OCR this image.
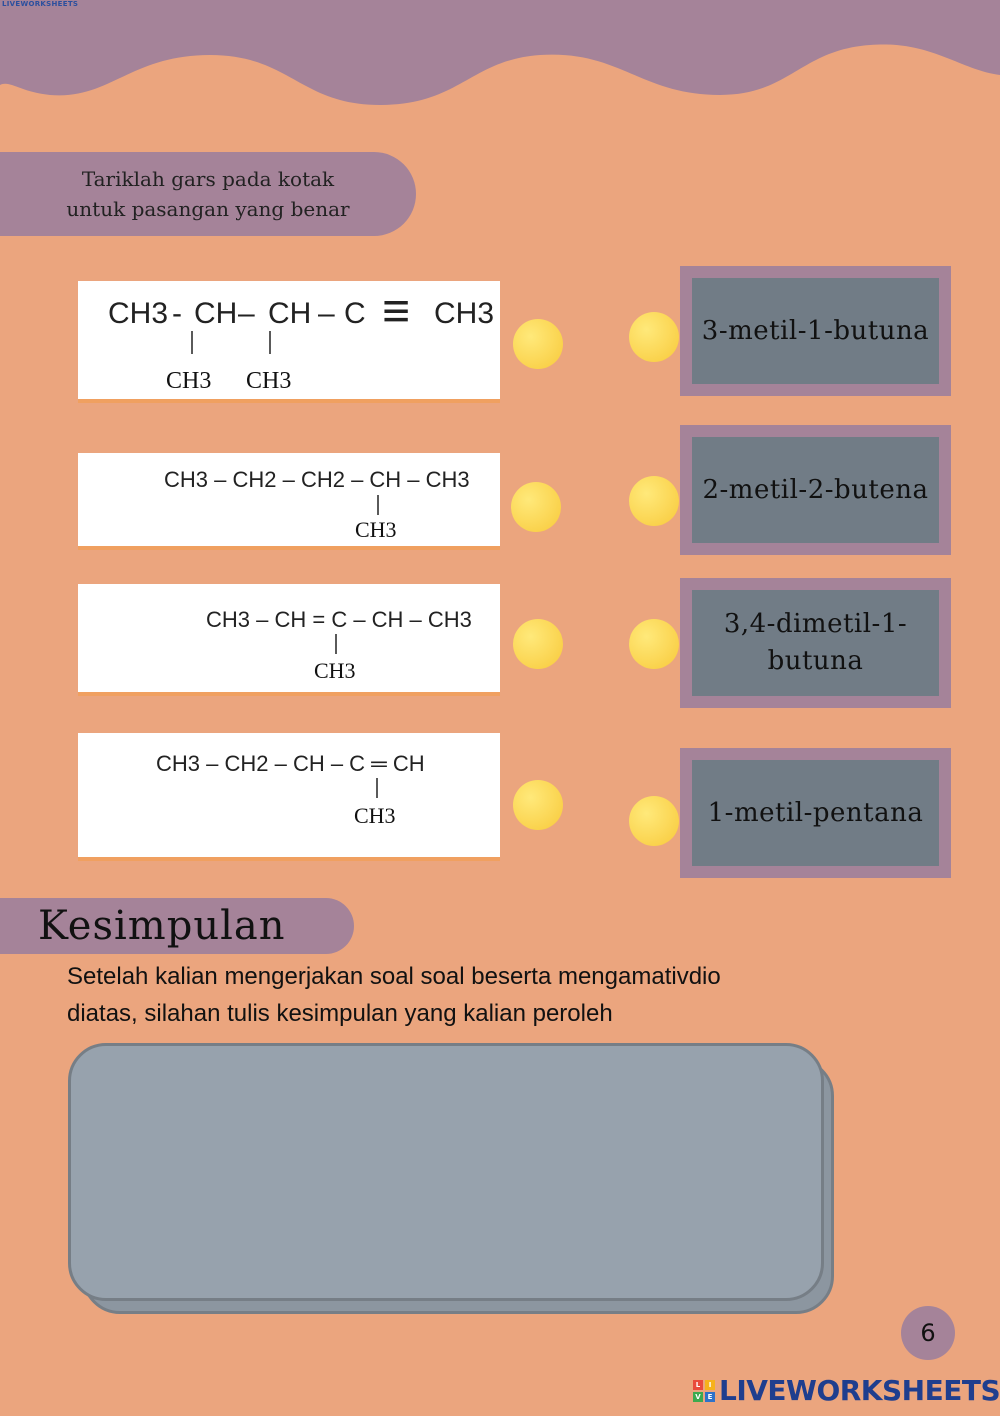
LIVEWORKSHEETS
Tariklah gars pada kotak
untuk pasangan yang benar
CH3 - CH – CH – C ≡ CH3
CH3 CH3
3-metil-1-butuna
CH3 – CH2 – CH2 – CH – CH3
CH3
2-metil-2-butena
CH3 – CH = C – CH – CH3
CH3
3,4-dimetil-1-
butuna
CH3 – CH2 – CH – C ═ CH
CH3	1-metil-pentana
Kesimpulan
Setelah kalian mengerjakan soal soal beserta mengamativdio
diatas, silahan tulis kesimpulan yang kalian peroleh
6
L	I
V E LIVEWORKSHEETS
